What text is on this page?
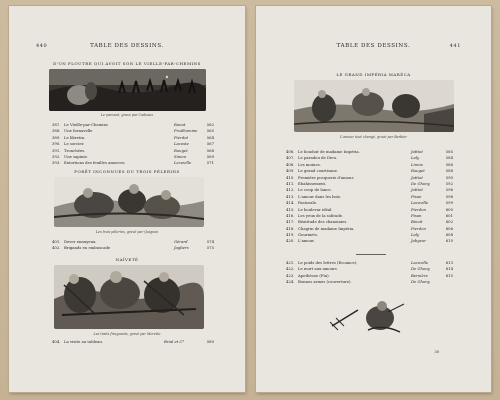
440	TABLE DES DESSINS.
D'UN PLOUTRE QUI AVOIT SON LE VIELLE-PAR-CHEMINS
Le paesant, grave par Cadeaux
387. Le Vieille-par-Chemins	Ronot	562
388. Une fornavelle	Prudhomme	565
389. Le libretin.	Pierdot	564
390. Le sorcier.	Lacoste	567
391. Tronchées.	Rouget	568
392. Une sapinie.	Simon	569
393. Extortions des feuilles amorces.	Lecoville	571
FORÊT INCONNUES DU TROIS PÈLERINS
Les trois pèlerins, gravé par Quignon
401. Dever ennuyeux.	Gérard	574
402. Brigands en embuscade	Jagbers	575
NAÏVETÉ
Les traits fringuants, gravé par Morette
404. La visite au tableau.	Brial et C°	580
TABLE DES DESSINS.	441
LE GRAND IMPÉRIA MARÉCA
L'amour tout changé, gravé par Barbier
406. Le boudoir de madame Impéria.	Jattiot	585
407. Le paradou de Dieu.	Laly	584
408. Les moines.	Linnis	586
409. Le grand courtisane.	Rouget	588
410. Première pocquerie d'amour.	Jattiot	590
411. Ebahissement.	De Ghony	592
412. Le coup de lance.	Jattiot	596
413. L'amour dans les bois.	Pisan	598
414. Pastorale.	Lacoville	599
415. Le boulevar idéal.	Pierdon	600
416. Les yeux de la solitude.	Pisan	601
417. Béatitude des chanoinies.	Binoit	602
418. Chagrin de madame Impéria.	Pierdon	606
419. Gourmets.	Laly	608
420. L'amour.	Jabgeor	610
421. Le poids des lettres (Ecoance).	Lacoville	613
422. Le mort aux amours	De Ghony	614
423. Apothéose (Fin).	Bernière	615
424. Bonnes armes (couverture).	De Ghony
30
